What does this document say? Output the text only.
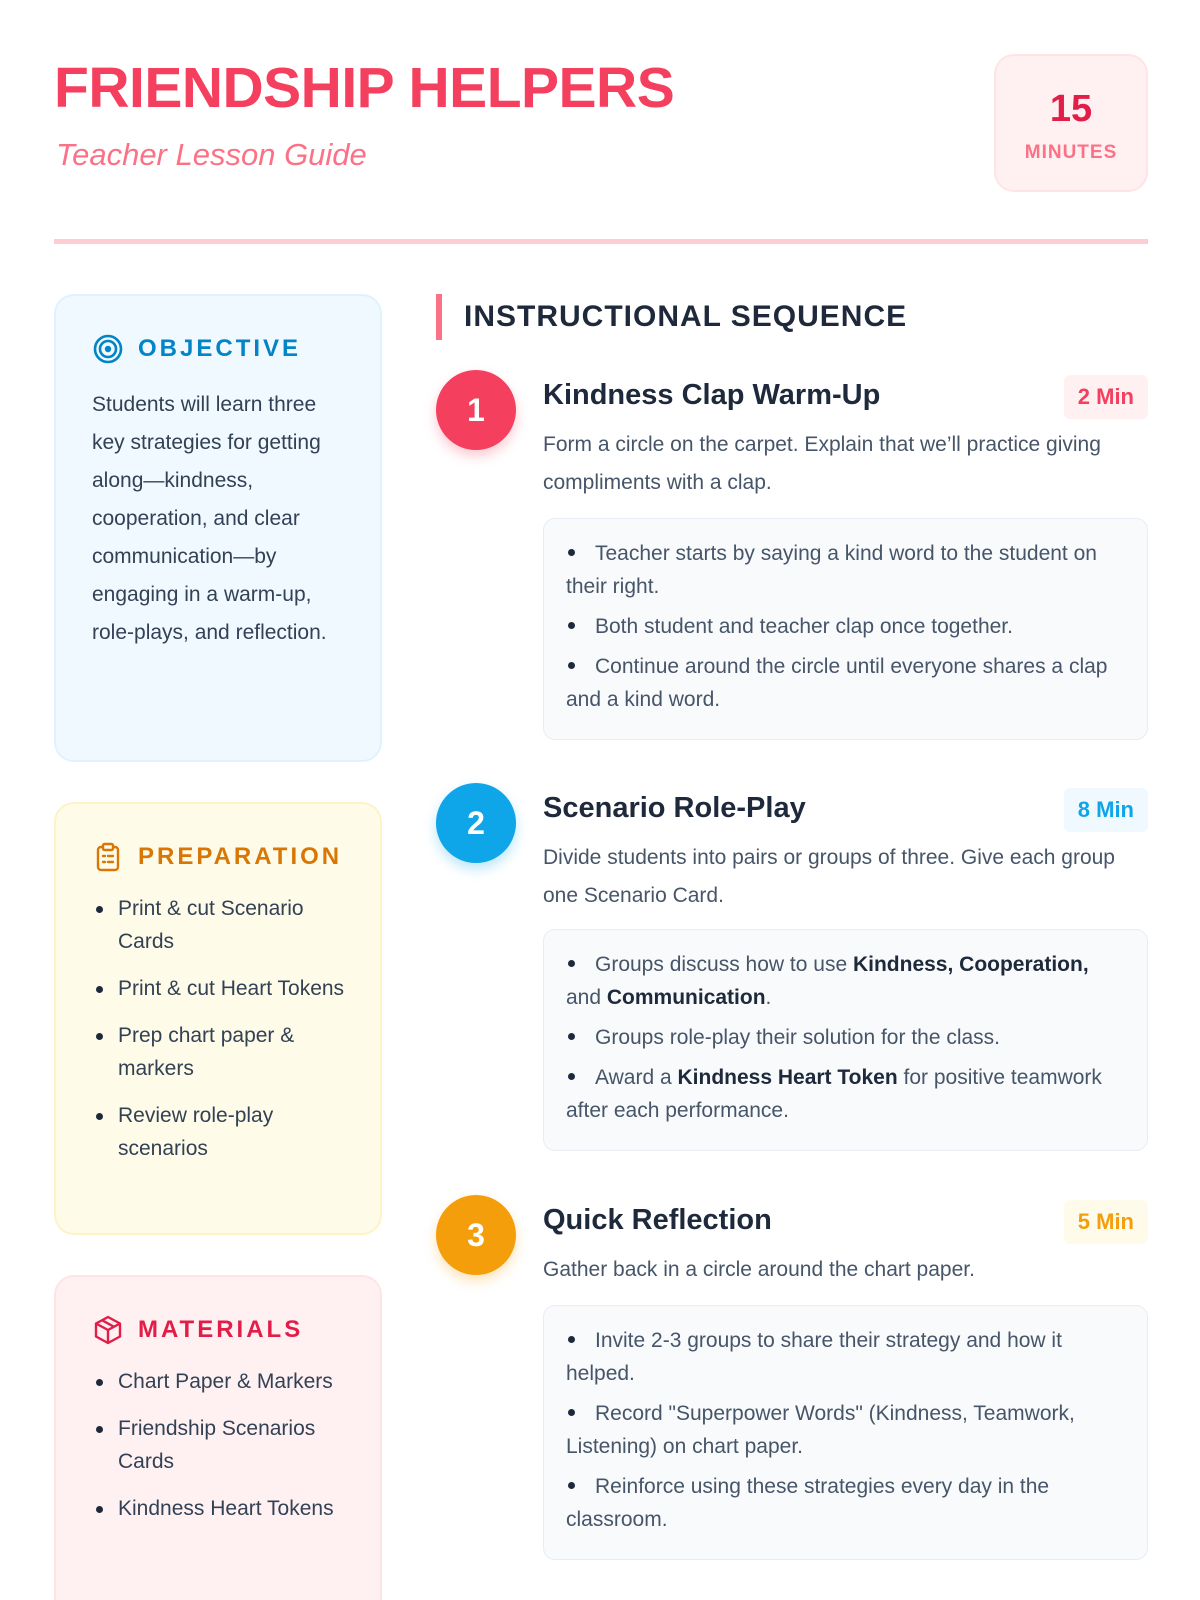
FRIENDSHIP HELPERS
Teacher Lesson Guide
15
MINUTES
OBJECTIVE
Students will learn three key strategies for getting along—kindness, cooperation, and clear communication—by engaging in a warm-up, role-plays, and reflection.
PREPARATION
Print & cut Scenario Cards
Print & cut Heart Tokens
Prep chart paper & markers
Review role-play scenarios
MATERIALS
Chart Paper & Markers
Friendship Scenarios Cards
Kindness Heart Tokens
INSTRUCTIONAL SEQUENCE
1	Kindness Clap Warm-Up	2 Min
Form a circle on the carpet. Explain that we’ll practice giving compliments with a clap.
Teacher starts by saying a kind word to the student on their right.
Both student and teacher clap once together.
Continue around the circle until everyone shares a clap and a kind word.
2	Scenario Role-Play	8 Min
Divide students into pairs or groups of three. Give each group one Scenario Card.
Groups discuss how to use Kindness, Cooperation, and Communication.
Groups role-play their solution for the class.
Award a Kindness Heart Token for positive teamwork after each performance.
3	Quick Reflection	5 Min
Gather back in a circle around the chart paper.
Invite 2-3 groups to share their strategy and how it helped.
Record "Superpower Words" (Kindness, Teamwork, Listening) on chart paper.
Reinforce using these strategies every day in the classroom.
